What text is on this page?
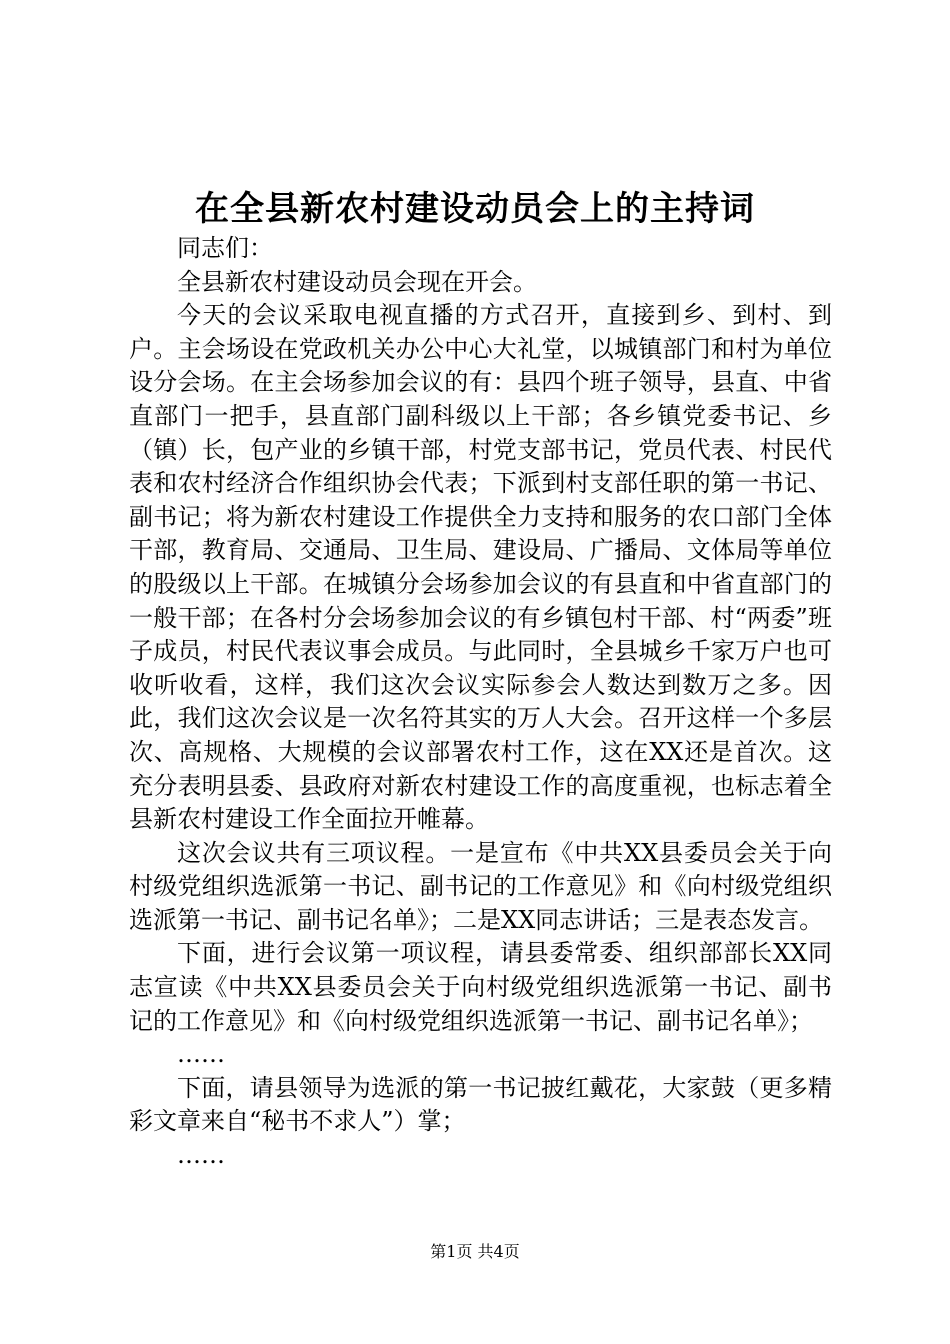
在全县新农村建设动员会上的主持词

同志们：

全县新农村建设动员会现在开会。

今天的会议采取电视直播的方式召开，直接到乡、到村、到户。主会场设在党政机关办公中心大礼堂，以城镇部门和村为单位设分会场。在主会场参加会议的有：县四个班子领导，县直、中省直部门一把手，县直部门副科级以上干部；各乡镇党委书记、乡（镇）长，包产业的乡镇干部，村党支部书记，党员代表、村民代表和农村经济合作组织协会代表；下派到村支部任职的第一书记、副书记；将为新农村建设工作提供全力支持和服务的农口部门全体干部，教育局、交通局、卫生局、建设局、广播局、文体局等单位的股级以上干部。在城镇分会场参加会议的有县直和中省直部门的一般干部；在各村分会场参加会议的有乡镇包村干部、村“两委”班子成员，村民代表议事会成员。与此同时，全县城乡千家万户也可收听收看，这样，我们这次会议实际参会人数达到数万之多。因此，我们这次会议是一次名符其实的万人大会。召开这样一个多层次、高规格、大规模的会议部署农村工作，这在XX还是首次。这充分表明县委、县政府对新农村建设工作的高度重视，也标志着全县新农村建设工作全面拉开帷幕。

这次会议共有三项议程。一是宣布《中共XX县委员会关于向村级党组织选派第一书记、副书记的工作意见》和《向村级党组织选派第一书记、副书记名单》；二是XX同志讲话；三是表态发言。

下面，进行会议第一项议程，请县委常委、组织部部长XX同志宣读《中共XX县委员会关于向村级党组织选派第一书记、副书记的工作意见》和《向村级党组织选派第一书记、副书记名单》；

……

下面，请县领导为选派的第一书记披红戴花，大家鼓（更多精彩文章来自“秘书不求人”）掌；

……

第1页 共4页
